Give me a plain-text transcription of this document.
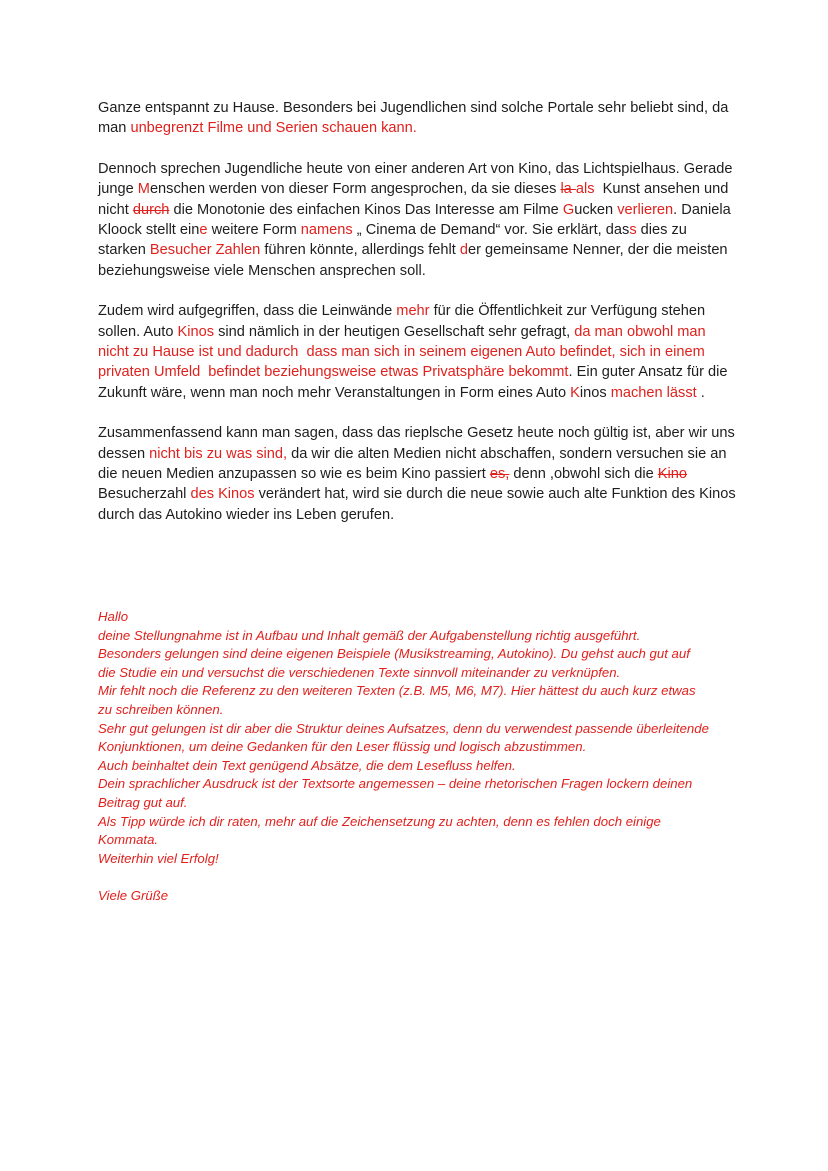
Ganze entspannt zu Hause. Besonders bei Jugendlichen sind solche Portale sehr beliebt sind, da man unbegrenzt Filme und Serien schauen kann.

Dennoch sprechen Jugendliche heute von einer anderen Art von Kino, das Lichtspielhaus. Gerade junge Menschen werden von dieser Form angesprochen, da sie dieses la als  Kunst ansehen und nicht durch die Monotonie des einfachen Kinos Das Interesse am Filme Gucken verlieren. Daniela Kloock stellt eine weitere Form namens „ Cinema de Demand“ vor. Sie erklärt, dass dies zu starken Besucher Zahlen führen könnte, allerdings fehlt der gemeinsame Nenner, der die meisten beziehungsweise viele Menschen ansprechen soll.

Zudem wird aufgegriffen, dass die Leinwände mehr für die Öffentlichkeit zur Verfügung stehen sollen. Auto Kinos sind nämlich in der heutigen Gesellschaft sehr gefragt, da man obwohl man nicht zu Hause ist und dadurch  dass man sich in seinem eigenen Auto befindet, sich in einem privaten Umfeld  befindet beziehungsweise etwas Privatsphäre bekommt. Ein guter Ansatz für die Zukunft wäre, wenn man noch mehr Veranstaltungen in Form eines Auto Kinos machen lässt .

Zusammenfassend kann man sagen, dass das rieplsche Gesetz heute noch gültig ist, aber wir uns dessen nicht bis zu was sind, da wir die alten Medien nicht abschaffen, sondern versuchen sie an die neuen Medien anzupassen so wie es beim Kino passiert es, denn ,obwohl sich die Kino Besucherzahl des Kinos verändert hat, wird sie durch die neue sowie auch alte Funktion des Kinos durch das Autokino wieder ins Leben gerufen.

Hallo

deine Stellungnahme ist in Aufbau und Inhalt gemäß der Aufgabenstellung richtig ausgeführt.

Besonders gelungen sind deine eigenen Beispiele (Musikstreaming, Autokino). Du gehst auch gut auf

die Studie ein und versuchst die verschiedenen Texte sinnvoll miteinander zu verknüpfen.

Mir fehlt noch die Referenz zu den weiteren Texten (z.B. M5, M6, M7). Hier hättest du auch kurz etwas

zu schreiben können.

Sehr gut gelungen ist dir aber die Struktur deines Aufsatzes, denn du verwendest passende überleitende

Konjunktionen, um deine Gedanken für den Leser flüssig und logisch abzustimmen.

Auch beinhaltet dein Text genügend Absätze, die dem Lesefluss helfen.

Dein sprachlicher Ausdruck ist der Textsorte angemessen – deine rhetorischen Fragen lockern deinen

Beitrag gut auf.

Als Tipp würde ich dir raten, mehr auf die Zeichensetzung zu achten, denn es fehlen doch einige

Kommata.

Weiterhin viel Erfolg!

Viele Grüße
